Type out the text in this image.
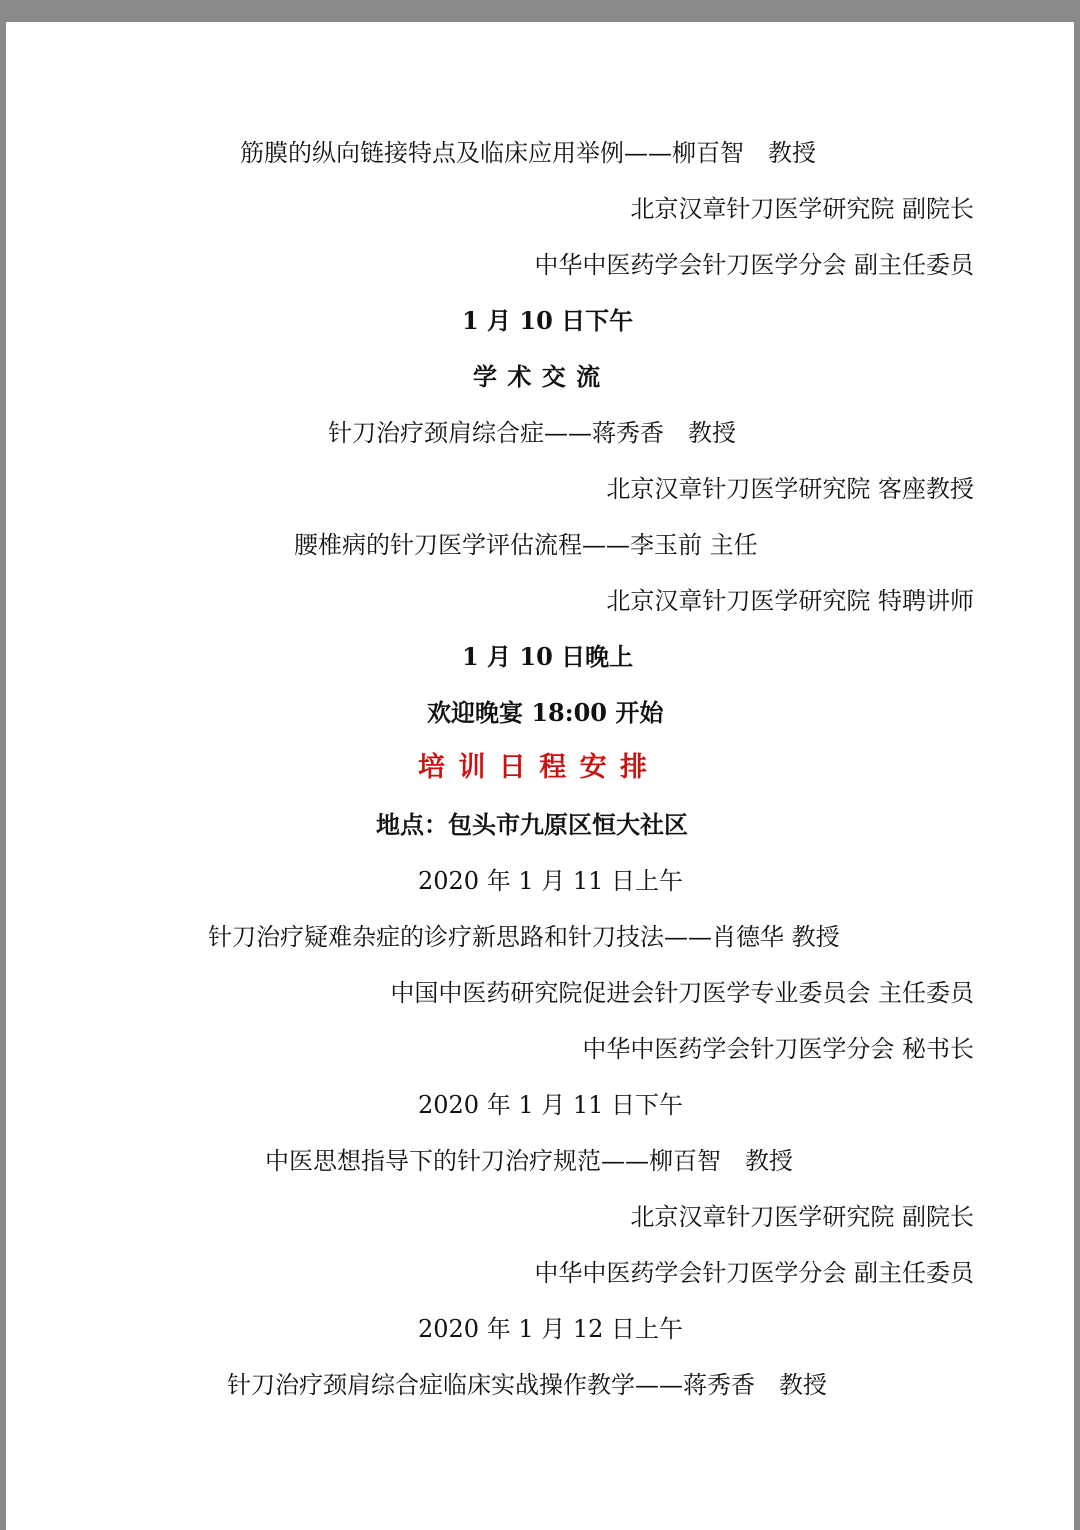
筋膜的纵向链接特点及临床应用举例——柳百智　教授
北京汉章针刀医学研究院 副院长
中华中医药学会针刀医学分会 副主任委员
1 月 10 日下午
学 术 交 流
针刀治疗颈肩综合症——蒋秀香　教授
北京汉章针刀医学研究院 客座教授
腰椎病的针刀医学评估流程——李玉前 主任
北京汉章针刀医学研究院 特聘讲师
1 月 10 日晚上
欢迎晚宴 18:00 开始
培 训 日 程 安 排
地点：包头市九原区恒大社区
2020 年 1 月 11 日上午
针刀治疗疑难杂症的诊疗新思路和针刀技法——肖德华 教授
中国中医药研究院促进会针刀医学专业委员会 主任委员
中华中医药学会针刀医学分会 秘书长
2020 年 1 月 11 日下午
中医思想指导下的针刀治疗规范——柳百智　教授
北京汉章针刀医学研究院 副院长
中华中医药学会针刀医学分会 副主任委员
2020 年 1 月 12 日上午
针刀治疗颈肩综合症临床实战操作教学——蒋秀香　教授
